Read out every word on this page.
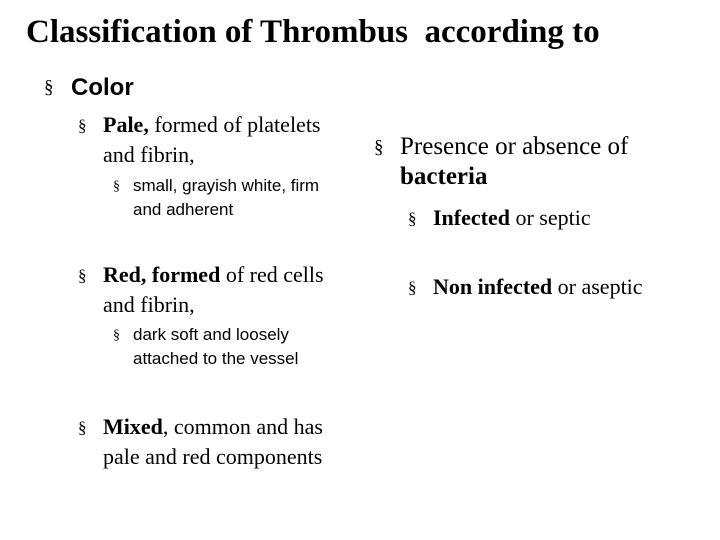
Classification of Thrombus  according to
§ Color
§ Pale, formed of platelets
and fibrin,
§ small, grayish white, firm
and adherent
§ Red, formed of red cells
and fibrin,
§ dark soft and loosely
attached to the vessel
§ Mixed, common and has
pale and red components
§ Presence or absence of
bacteria
§ Infected or septic
§ Non infected or aseptic
